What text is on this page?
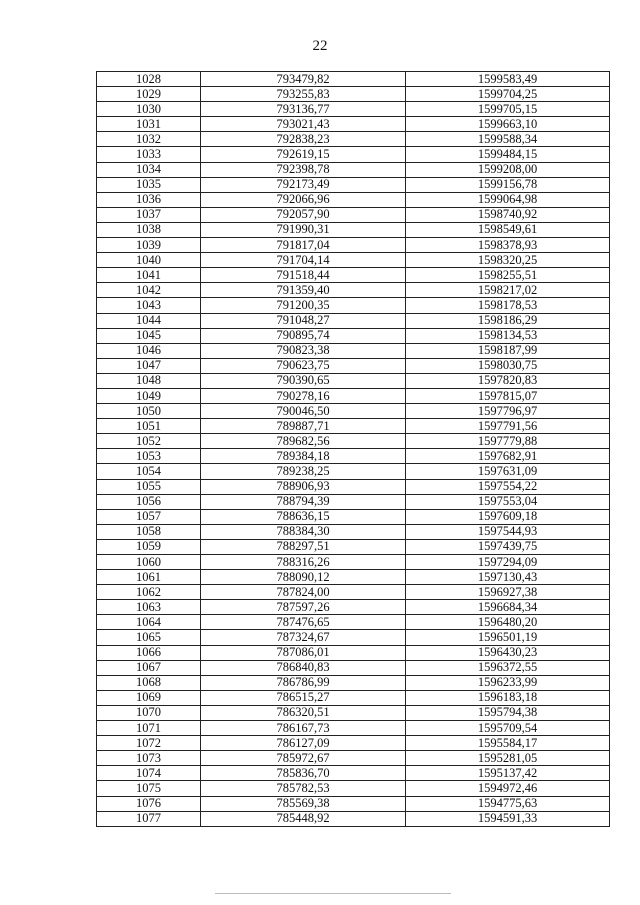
22
1028	793479,82	1599583,49
1029	793255,83	1599704,25
1030	793136,77	1599705,15
1031	793021,43	1599663,10
1032	792838,23	1599588,34
1033	792619,15	1599484,15
1034	792398,78	1599208,00
1035	792173,49	1599156,78
1036	792066,96	1599064,98
1037	792057,90	1598740,92
1038	791990,31	1598549,61
1039	791817,04	1598378,93
1040	791704,14	1598320,25
1041	791518,44	1598255,51
1042	791359,40	1598217,02
1043	791200,35	1598178,53
1044	791048,27	1598186,29
1045	790895,74	1598134,53
1046	790823,38	1598187,99
1047	790623,75	1598030,75
1048	790390,65	1597820,83
1049	790278,16	1597815,07
1050	790046,50	1597796,97
1051	789887,71	1597791,56
1052	789682,56	1597779,88
1053	789384,18	1597682,91
1054	789238,25	1597631,09
1055	788906,93	1597554,22
1056	788794,39	1597553,04
1057	788636,15	1597609,18
1058	788384,30	1597544,93
1059	788297,51	1597439,75
1060	788316,26	1597294,09
1061	788090,12	1597130,43
1062	787824,00	1596927,38
1063	787597,26	1596684,34
1064	787476,65	1596480,20
1065	787324,67	1596501,19
1066	787086,01	1596430,23
1067	786840,83	1596372,55
1068	786786,99	1596233,99
1069	786515,27	1596183,18
1070	786320,51	1595794,38
1071	786167,73	1595709,54
1072	786127,09	1595584,17
1073	785972,67	1595281,05
1074	785836,70	1595137,42
1075	785782,53	1594972,46
1076	785569,38	1594775,63
1077	785448,92	1594591,33
